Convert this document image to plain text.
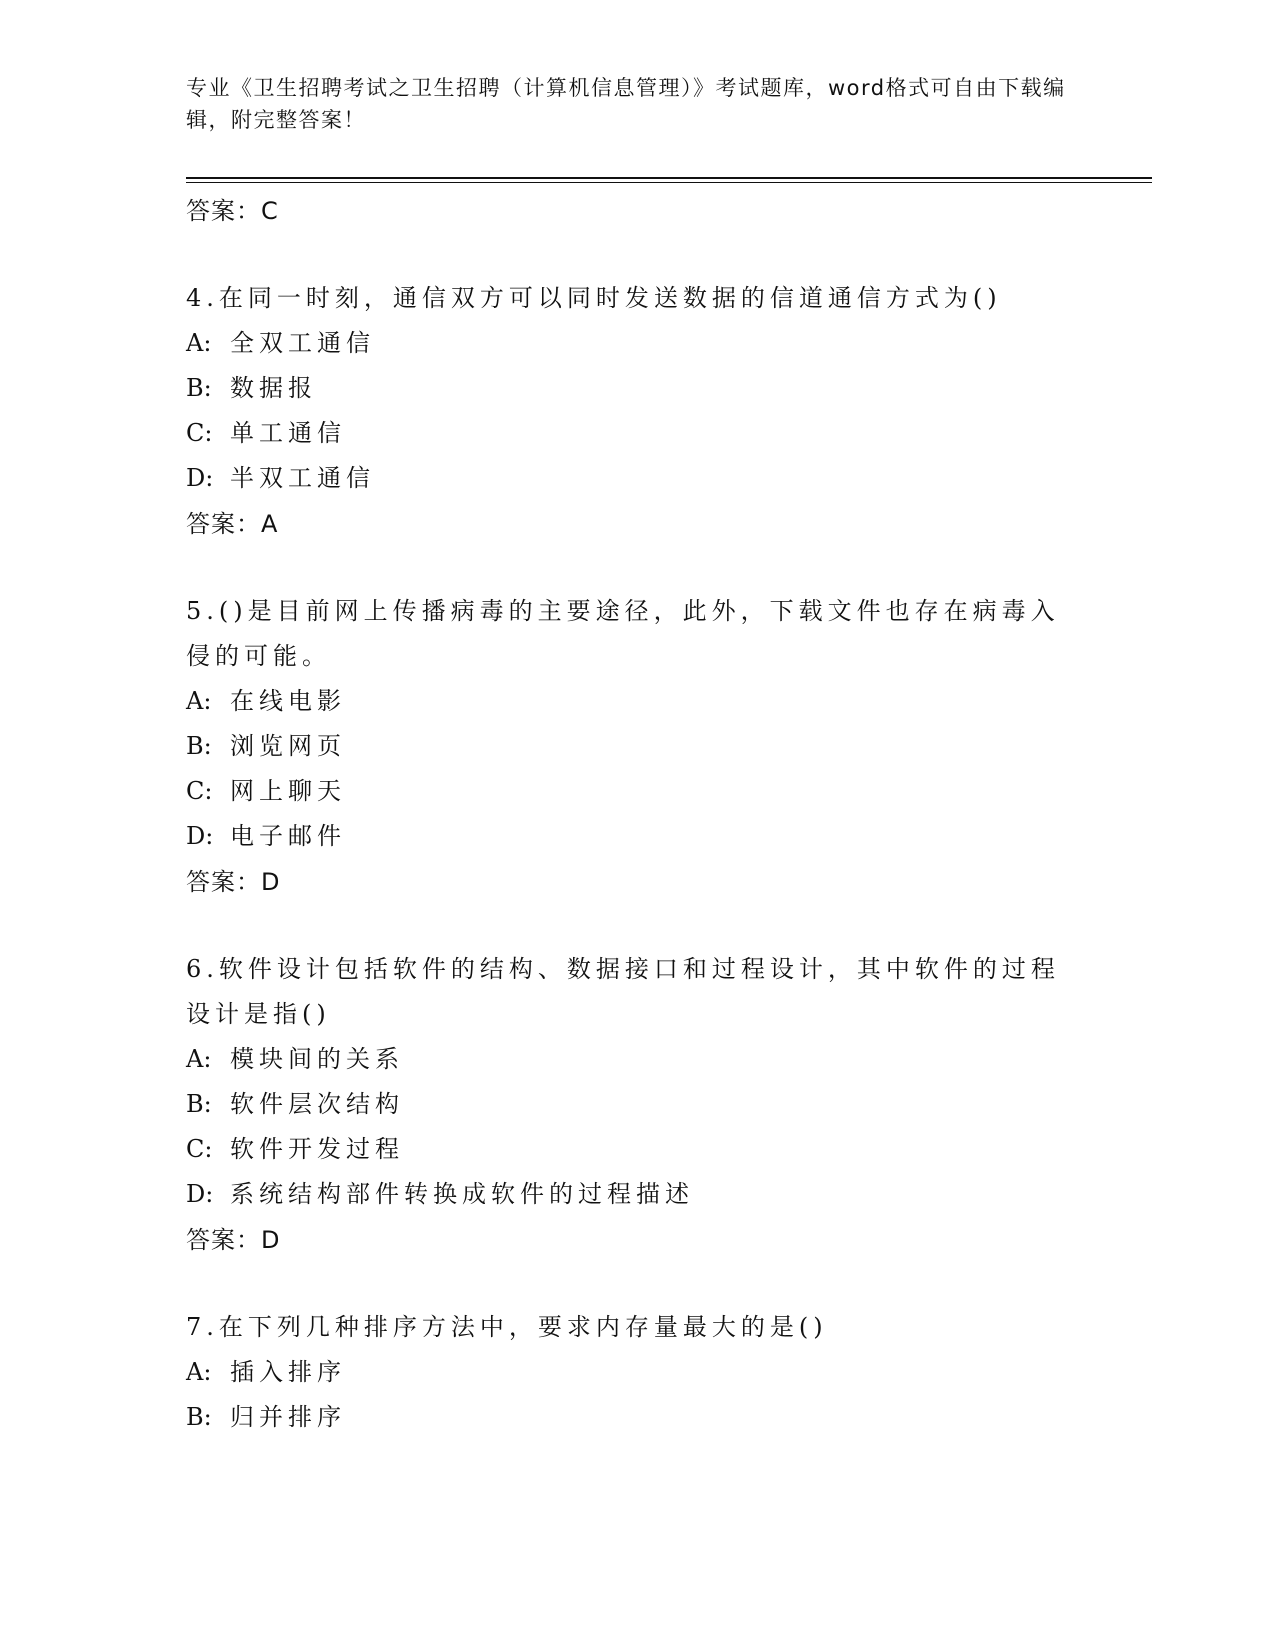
专业《卫生招聘考试之卫生招聘（计算机信息管理）》考试题库，word格式可自由下载编辑，附完整答案！
答案：C
4.在同一时刻，通信双方可以同时发送数据的信道通信方式为()
A: 全双工通信
B: 数据报
C: 单工通信
D: 半双工通信
答案：A
5.()是目前网上传播病毒的主要途径，此外，下载文件也存在病毒入侵的可能。
A: 在线电影
B: 浏览网页
C: 网上聊天
D: 电子邮件
答案：D
6.软件设计包括软件的结构、数据接口和过程设计，其中软件的过程设计是指()
A: 模块间的关系
B: 软件层次结构
C: 软件开发过程
D: 系统结构部件转换成软件的过程描述
答案：D
7.在下列几种排序方法中，要求内存量最大的是()
A: 插入排序
B: 归并排序
